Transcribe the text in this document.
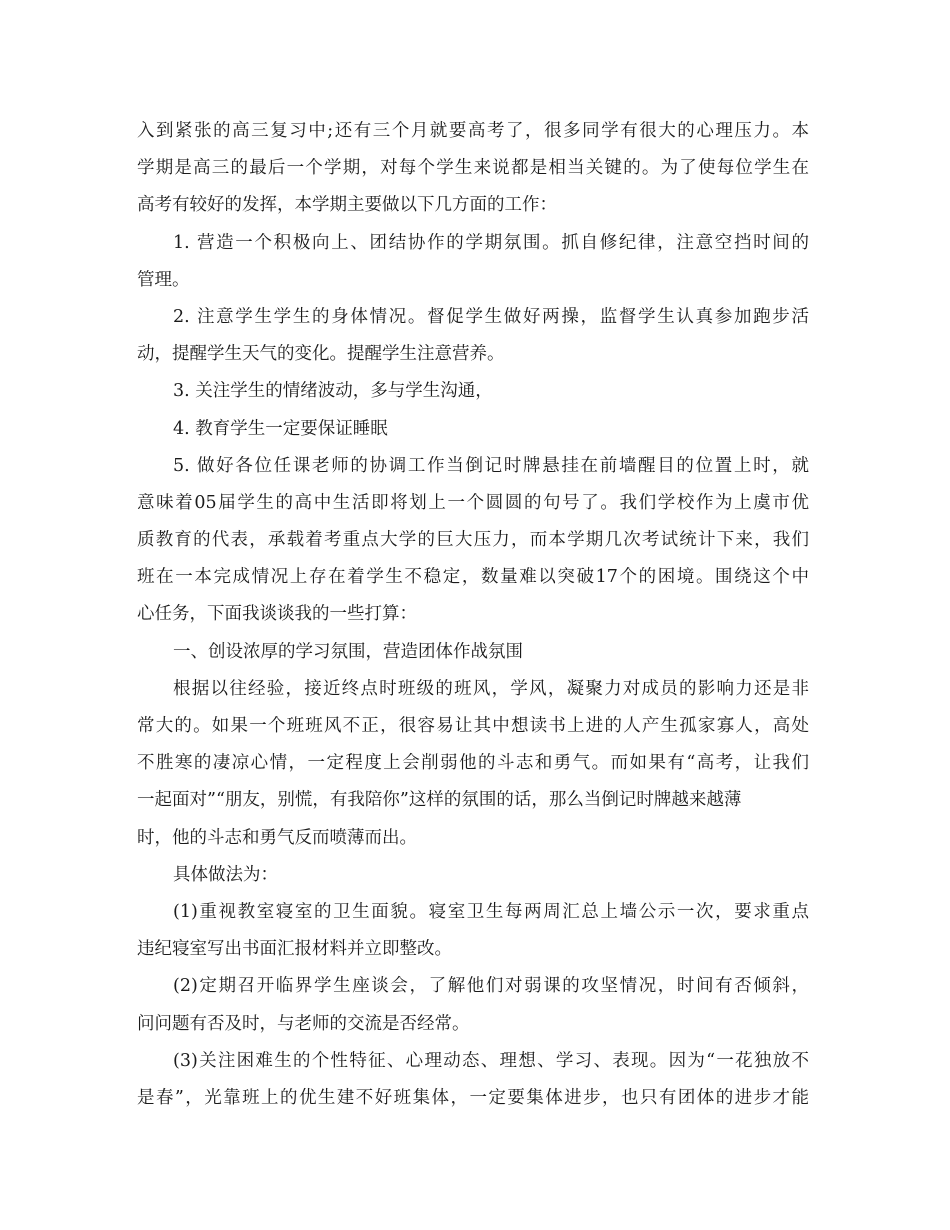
入到紧张的高三复习中;还有三个月就要高考了，很多同学有很大的心理压力。本
学期是高三的最后一个学期，对每个学生来说都是相当关键的。为了使每位学生在
高考有较好的发挥，本学期主要做以下几方面的工作：
1. 营造一个积极向上、团结协作的学期氛围。抓自修纪律，注意空挡时间的
管理。
2. 注意学生学生的身体情况。督促学生做好两操，监督学生认真参加跑步活
动，提醒学生天气的变化。提醒学生注意营养。
3. 关注学生的情绪波动，多与学生沟通，
4. 教育学生一定要保证睡眠
5. 做好各位任课老师的协调工作当倒记时牌悬挂在前墙醒目的位置上时，就
意味着05届学生的高中生活即将划上一个圆圆的句号了。我们学校作为上虞市优
质教育的代表，承载着考重点大学的巨大压力，而本学期几次考试统计下来，我们
班在一本完成情况上存在着学生不稳定，数量难以突破17个的困境。围绕这个中
心任务，下面我谈谈我的一些打算：
一、创设浓厚的学习氛围，营造团体作战氛围
根据以往经验，接近终点时班级的班风，学风，凝聚力对成员的影响力还是非
常大的。如果一个班班风不正，很容易让其中想读书上进的人产生孤家寡人，高处
不胜寒的凄凉心情，一定程度上会削弱他的斗志和勇气。而如果有“高考，让我们
一起面对”“朋友，别慌，有我陪你”这样的氛围的话，那么当倒记时牌越来越薄
时，他的斗志和勇气反而喷薄而出。
具体做法为：
(1)重视教室寝室的卫生面貌。寝室卫生每两周汇总上墙公示一次，要求重点
违纪寝室写出书面汇报材料并立即整改。
(2)定期召开临界学生座谈会，了解他们对弱课的攻坚情况，时间有否倾斜，
问问题有否及时，与老师的交流是否经常。
(3)关注困难生的个性特征、心理动态、理想、学习、表现。因为“一花独放不
是春”，光靠班上的优生建不好班集体，一定要集体进步，也只有团体的进步才能
